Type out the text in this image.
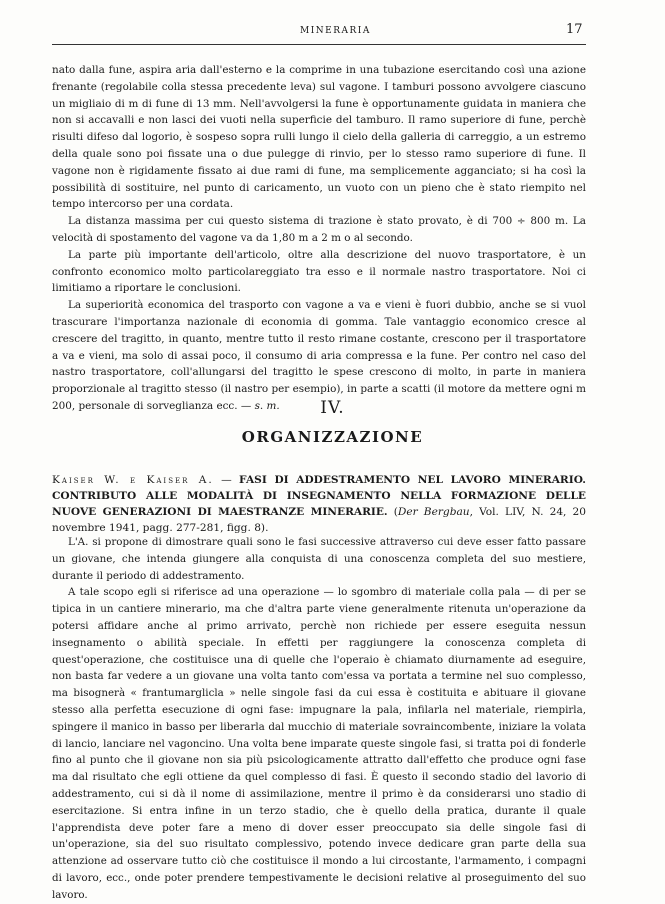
MINERARIA	17

nato dalla fune, aspira aria dall'esterno e la comprime in una tubazione esercitando così una azione frenante (regolabile colla stessa precedente leva) sul vagone. I tamburi possono avvolgere ciascuno un migliaio di m di fune di 13 mm. Nell'avvolgersi la fune è opportunamente guidata in maniera che non si accavalli e non lasci dei vuoti nella superficie del tamburo. Il ramo superiore di fune, perchè risulti difeso dal logorio, è sospeso sopra rulli lungo il cielo della galleria di carreggio, a un estremo della quale sono poi fissate una o due pulegge di rinvio, per lo stesso ramo superiore di fune. Il vagone non è rigidamente fissato ai due rami di fune, ma semplicemente agganciato; si ha così la possibilità di sostituire, nel punto di caricamento, un vuoto con un pieno che è stato riempito nel tempo intercorso per una cordata.

La distanza massima per cui questo sistema di trazione è stato provato, è di 700 ÷ 800 m. La velocità di spostamento del vagone va da 1,80 m a 2 m o al secondo.

La parte più importante dell'articolo, oltre alla descrizione del nuovo trasportatore, è un confronto economico molto particolareggiato tra esso e il normale nastro trasportatore. Noi ci limitiamo a riportare le conclusioni.

La superiorità economica del trasporto con vagone a va e vieni è fuori dubbio, anche se si vuol trascurare l'importanza nazionale di economia di gomma. Tale vantaggio economico cresce al crescere del tragitto, in quanto, mentre tutto il resto rimane costante, crescono per il trasportatore a va e vieni, ma solo di assai poco, il consumo di aria compressa e la fune. Per contro nel caso del nastro trasportatore, coll'allungarsi del tragitto le spese crescono di molto, in parte in maniera proporzionale al tragitto stesso (il nastro per esempio), in parte a scatti (il motore da mettere ogni m 200, personale di sorveglianza ecc. — s. m.	IV.
ORGANIZZAZIONE
Kaiser W. e Kaiser A. — FASI DI ADDESTRAMENTO NEL LAVORO MINERARIO. CONTRIBUTO ALLE MODALITÀ DI INSEGNAMENTO NELLA FORMAZIONE DELLE NUOVE GENERAZIONI DI MAESTRANZE MINERARIE. (Der Bergbau, Vol. LIV, N. 24, 20 novembre 1941, pagg. 277-281, figg. 8).

L'A. si propone di dimostrare quali sono le fasi successive attraverso cui deve esser fatto passare un giovane, che intenda giungere alla conquista di una conoscenza completa del suo mestiere, durante il periodo di addestramento.

A tale scopo egli si riferisce ad una operazione — lo sgombro di materiale colla pala — di per se tipica in un cantiere minerario, ma che d'altra parte viene generalmente ritenuta un'operazione da potersi affidare anche al primo arrivato, perchè non richiede per essere eseguita nessun insegnamento o abilità speciale. In effetti per raggiungere la conoscenza completa di quest'operazione, che costituisce una di quelle che l'operaio è chiamato diurnamente ad eseguire, non basta far vedere a un giovane una volta tanto com'essa va portata a termine nel suo complesso, ma bisognerà « frantumarglicla » nelle singole fasi da cui essa è costituita e abituare il giovane stesso alla perfetta esecuzione di ogni fase: impugnare la pala, infilarla nel materiale, riempirla, spingere il manico in basso per liberarla dal mucchio di materiale sovraincombente, iniziare la volata di lancio, lanciare nel vagoncino. Una volta bene imparate queste singole fasi, si tratta poi di fonderle fino al punto che il giovane non sia più psicologicamente attratto dall'effetto che produce ogni fase ma dal risultato che egli ottiene da quel complesso di fasi. È questo il secondo stadio del lavorio di addestramento, cui si dà il nome di assimilazione, mentre il primo è da considerarsi uno stadio di esercitazione. Si entra infine in un terzo stadio, che è quello della pratica, durante il quale l'apprendista deve poter fare a meno di dover esser preoccupato sia delle singole fasi di un'operazione, sia del suo risultato complessivo, potendo invece dedicare gran parte della sua attenzione ad osservare tutto ciò che costituisce il mondo a lui circostante, l'armamento, i compagni di lavoro, ecc., onde poter prendere tempestivamente le decisioni relative al proseguimento del suo lavoro.
